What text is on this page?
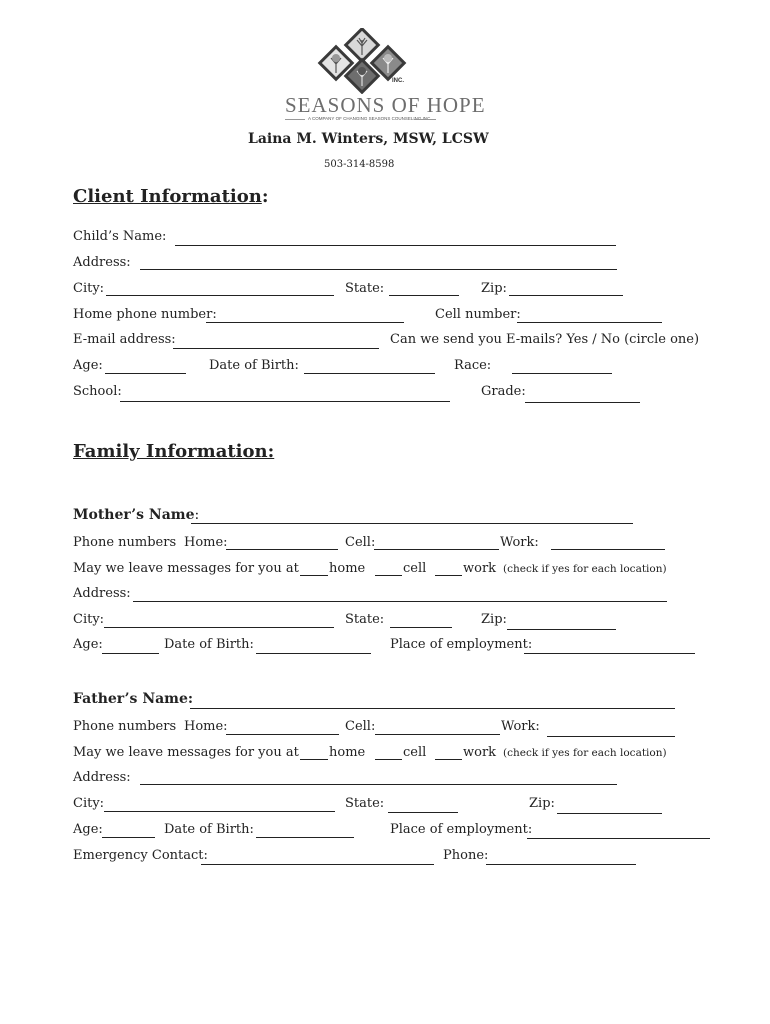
INC.
SEASONS OF HOPE
A COMPANY OF CHANGING SEASONS COUNSELING INC.
Laina M. Winters, MSW, LCSW
503-314-8598
Client Information:
Child’s Name:
Address:
City:	State:	Zip:
Home phone number:	Cell number:
E-mail address:	Can we send you E-mails? Yes / No (circle one)
Age:	Date of Birth:	Race:
School:	Grade:
Family Information:
Mother’s Name:
Phone numbers Home:	Cell:	Work:
May we leave messages for you at home	cell	work (check if yes for each location)
Address:
City:	State:	Zip:
Age:	Date of Birth:	Place of employment:
Father’s Name:
Phone numbers Home:	Cell:	Work:
May we leave messages for you at home	cell	work (check if yes for each location)
Address:
City:	State:	Zip:
Age:	Date of Birth:	Place of employment:
Emergency Contact:	Phone:
